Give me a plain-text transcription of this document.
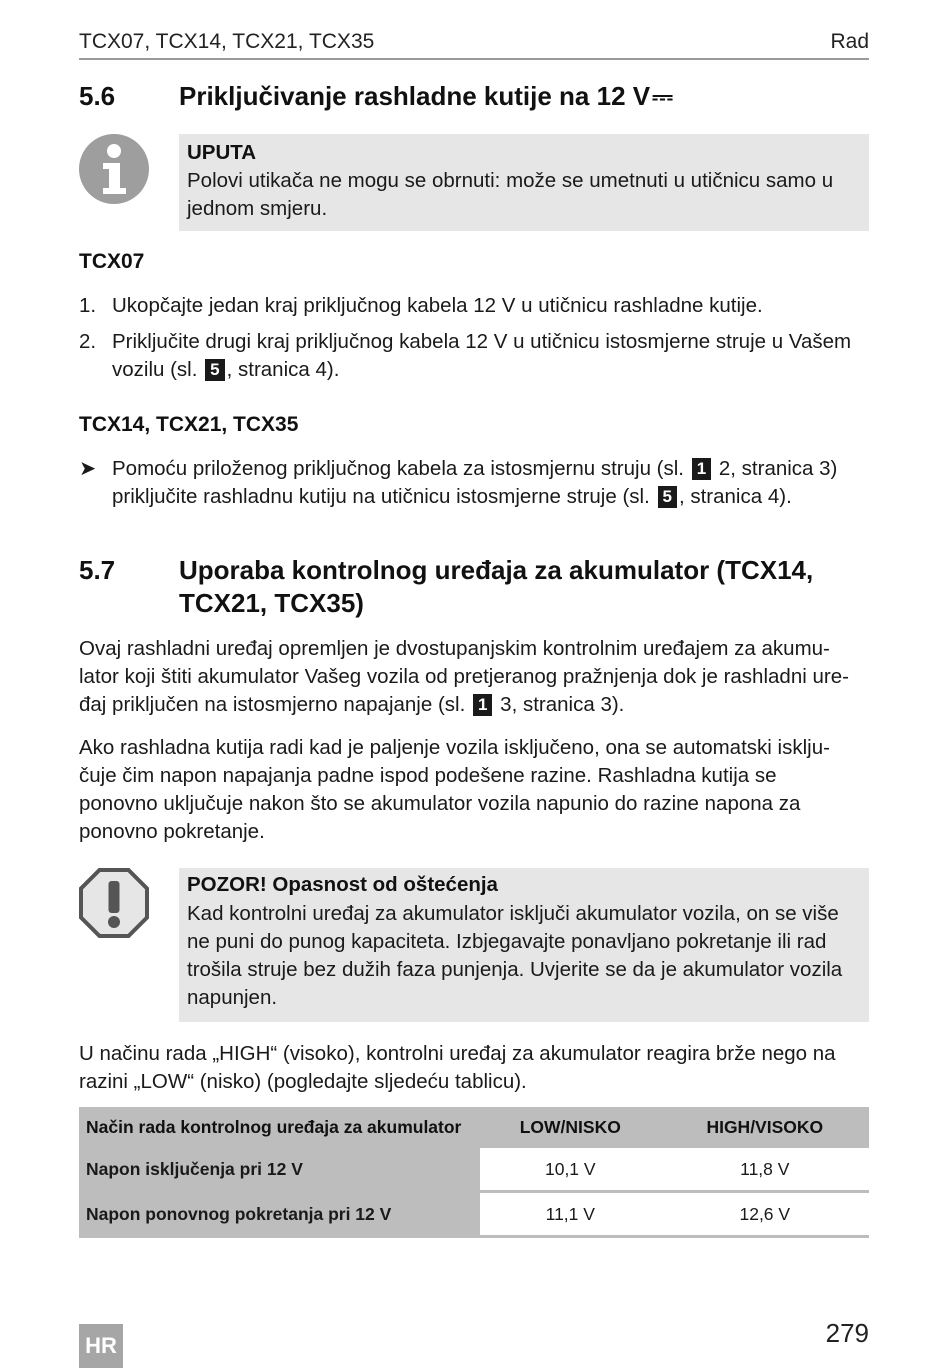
TCX07, TCX14, TCX21, TCX35	Rad
5.6 Priključivanje rashladne kutije na 12 V⎓
UPUTA
Polovi utikača ne mogu se obrnuti: može se umetnuti u utičnicu samo u
jednom smjeru.
TCX07
1. Ukopčajte jedan kraj priključnog kabela 12 V u utičnicu rashladne kutije.
2. Priključite drugi kraj priključnog kabela 12 V u utičnicu istosmjerne struje u Vašem
vozilu (sl. 5 , stranica 4).
TCX14, TCX21, TCX35
➤ Pomoću priloženog priključnog kabela za istosmjernu struju (sl. 1 2, stranica 3)
priključite rashladnu kutiju na utičnicu istosmjerne struje (sl. 5 , stranica 4).
5.7 Uporaba kontrolnog uređaja za akumulator (TCX14,
TCX21, TCX35)
Ovaj rashladni uređaj opremljen je dvostupanjskim kontrolnim uređajem za akumu-
lator koji štiti akumulator Vašeg vozila od pretjeranog pražnjenja dok je rashladni ure-
đaj priključen na istosmjerno napajanje (sl. 1 3, stranica 3).
Ako rashladna kutija radi kad je paljenje vozila isključeno, ona se automatski isklju-
čuje čim napon napajanja padne ispod podešene razine. Rashladna kutija se
ponovno uključuje nakon što se akumulator vozila napunio do razine napona za
ponovno pokretanje.
POZOR! Opasnost od oštećenja
Kad kontrolni uređaj za akumulator isključi akumulator vozila, on se više
ne puni do punog kapaciteta. Izbjegavajte ponavljano pokretanje ili rad
trošila struje bez dužih faza punjenja. Uvjerite se da je akumulator vozila
napunjen.
U načinu rada „HIGH“ (visoko), kontrolni uređaj za akumulator reagira brže nego na
razini „LOW“ (nisko) (pogledajte sljedeću tablicu).
Način rada kontrolnog uređaja za akumulator	LOW/NISKO	HIGH/VISOKO
Napon isključenja pri 12 V	10,1 V	11,8 V
Napon ponovnog pokretanja pri 12 V	11,1 V	12,6 V
HR	279
